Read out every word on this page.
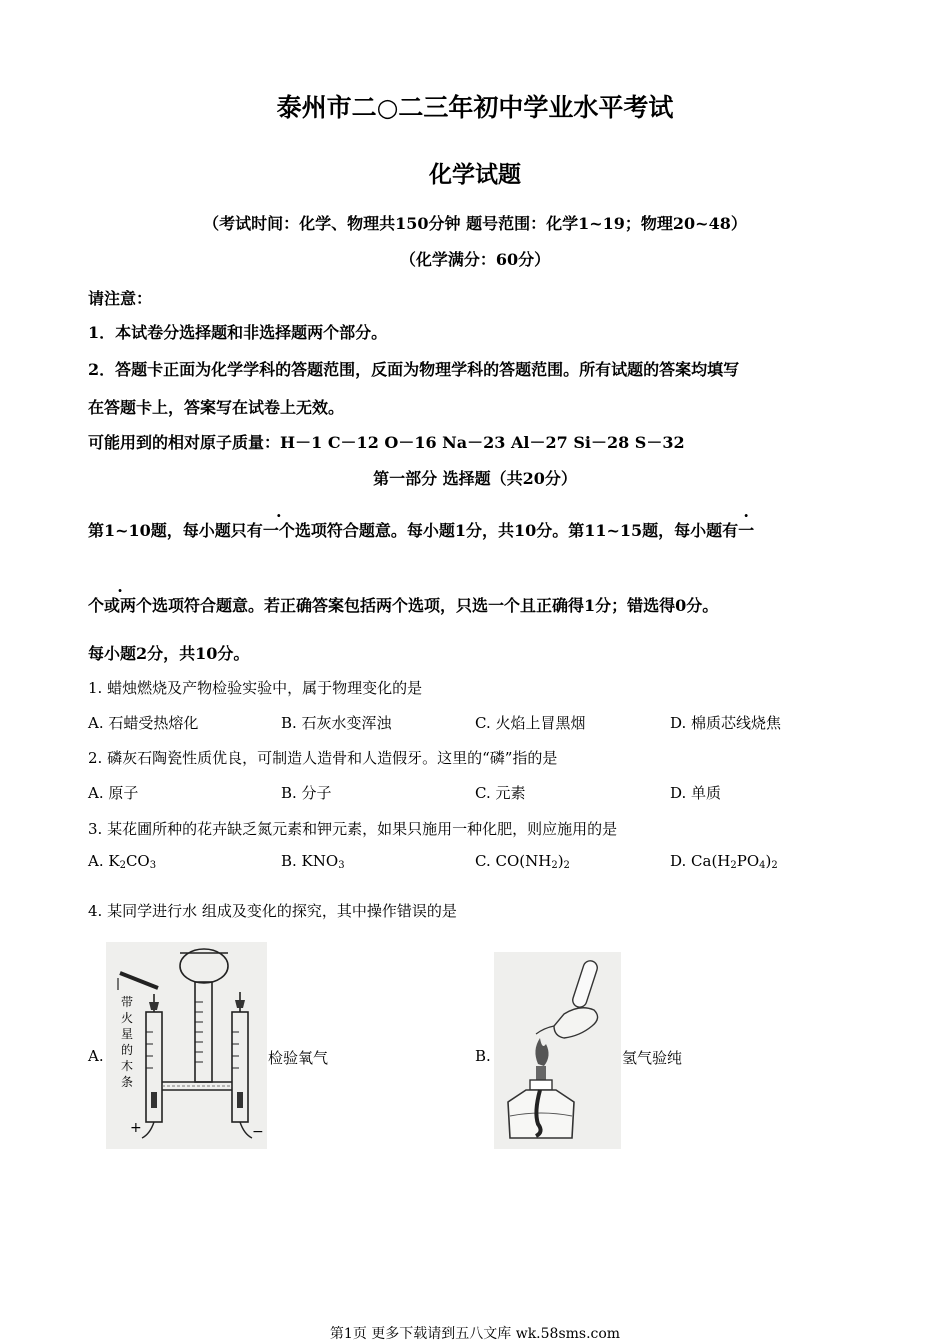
泰州市二○二三年初中学业水平考试
化学试题
（考试时间：化学、物理共150分钟 题号范围：化学1~19；物理20~48）
（化学满分：60分）
请注意：
1．本试卷分选择题和非选择题两个部分。
2．答题卡正面为化学学科的答题范围，反面为物理学科的答题范围。所有试题的答案均填写
在答题卡上，答案写在试卷上无效。
可能用到的相对原子质量：H－1 C－12 O－16 Na－23 Al－27 Si－28 S－32
第一部分 选择题（共20分）
第1~10题，每小题只有一个选项符合题意。每小题1分，共10分。第11~15题，每小题有一
个或两个选项符合题意。若正确答案包括两个选项，只选一个且正确得1分；错选得0分。
每小题2分，共10分。
1. 蜡烛燃烧及产物检验实验中，属于物理变化的是
A. 石蜡受热熔化	B. 石灰水变浑浊	C. 火焰上冒黑烟	D. 棉质芯线烧焦
2. 磷灰石陶瓷性质优良，可制造人造骨和人造假牙。这里的“磷”指的是
A. 原子	B. 分子	C. 元素	D. 单质
3. 某花圃所种的花卉缺乏氮元素和钾元素，如果只施用一种化肥，则应施用的是
A. $K_2CO_3$	B. $KNO_3$	C. $CO(NH_2)_2$	D. $Ca(H_2PO_4)_2$
4. 某同学进行水 组成及变化的探究，其中操作错误的是
A.
带
火
星
的
木
条
+	−
检验氧气	B.	氢气验纯
第1页 更多下载请到五八文库 wk.58sms.com
